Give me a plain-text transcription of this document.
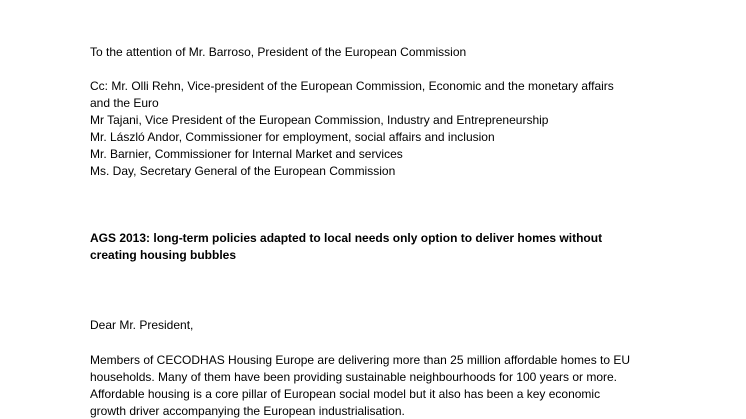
To the attention of Mr. Barroso, President of the European Commission
Cc: Mr. Olli Rehn, Vice-president of the European Commission, Economic and the monetary affairs
and the Euro
Mr Tajani, Vice President of the European Commission, Industry and Entrepreneurship
Mr. László Andor, Commissioner for employment, social affairs and inclusion
Mr. Barnier, Commissioner for Internal Market and services
Ms. Day, Secretary General of the European Commission
AGS 2013: long-term policies adapted to local needs only option to deliver homes without
creating housing bubbles
Dear Mr. President,
Members of CECODHAS Housing Europe are delivering more than 25 million affordable homes to EU
households. Many of them have been providing sustainable neighbourhoods for 100 years or more.
Affordable housing is a core pillar of European social model but it also has been a key economic
growth driver accompanying the European industrialisation.
